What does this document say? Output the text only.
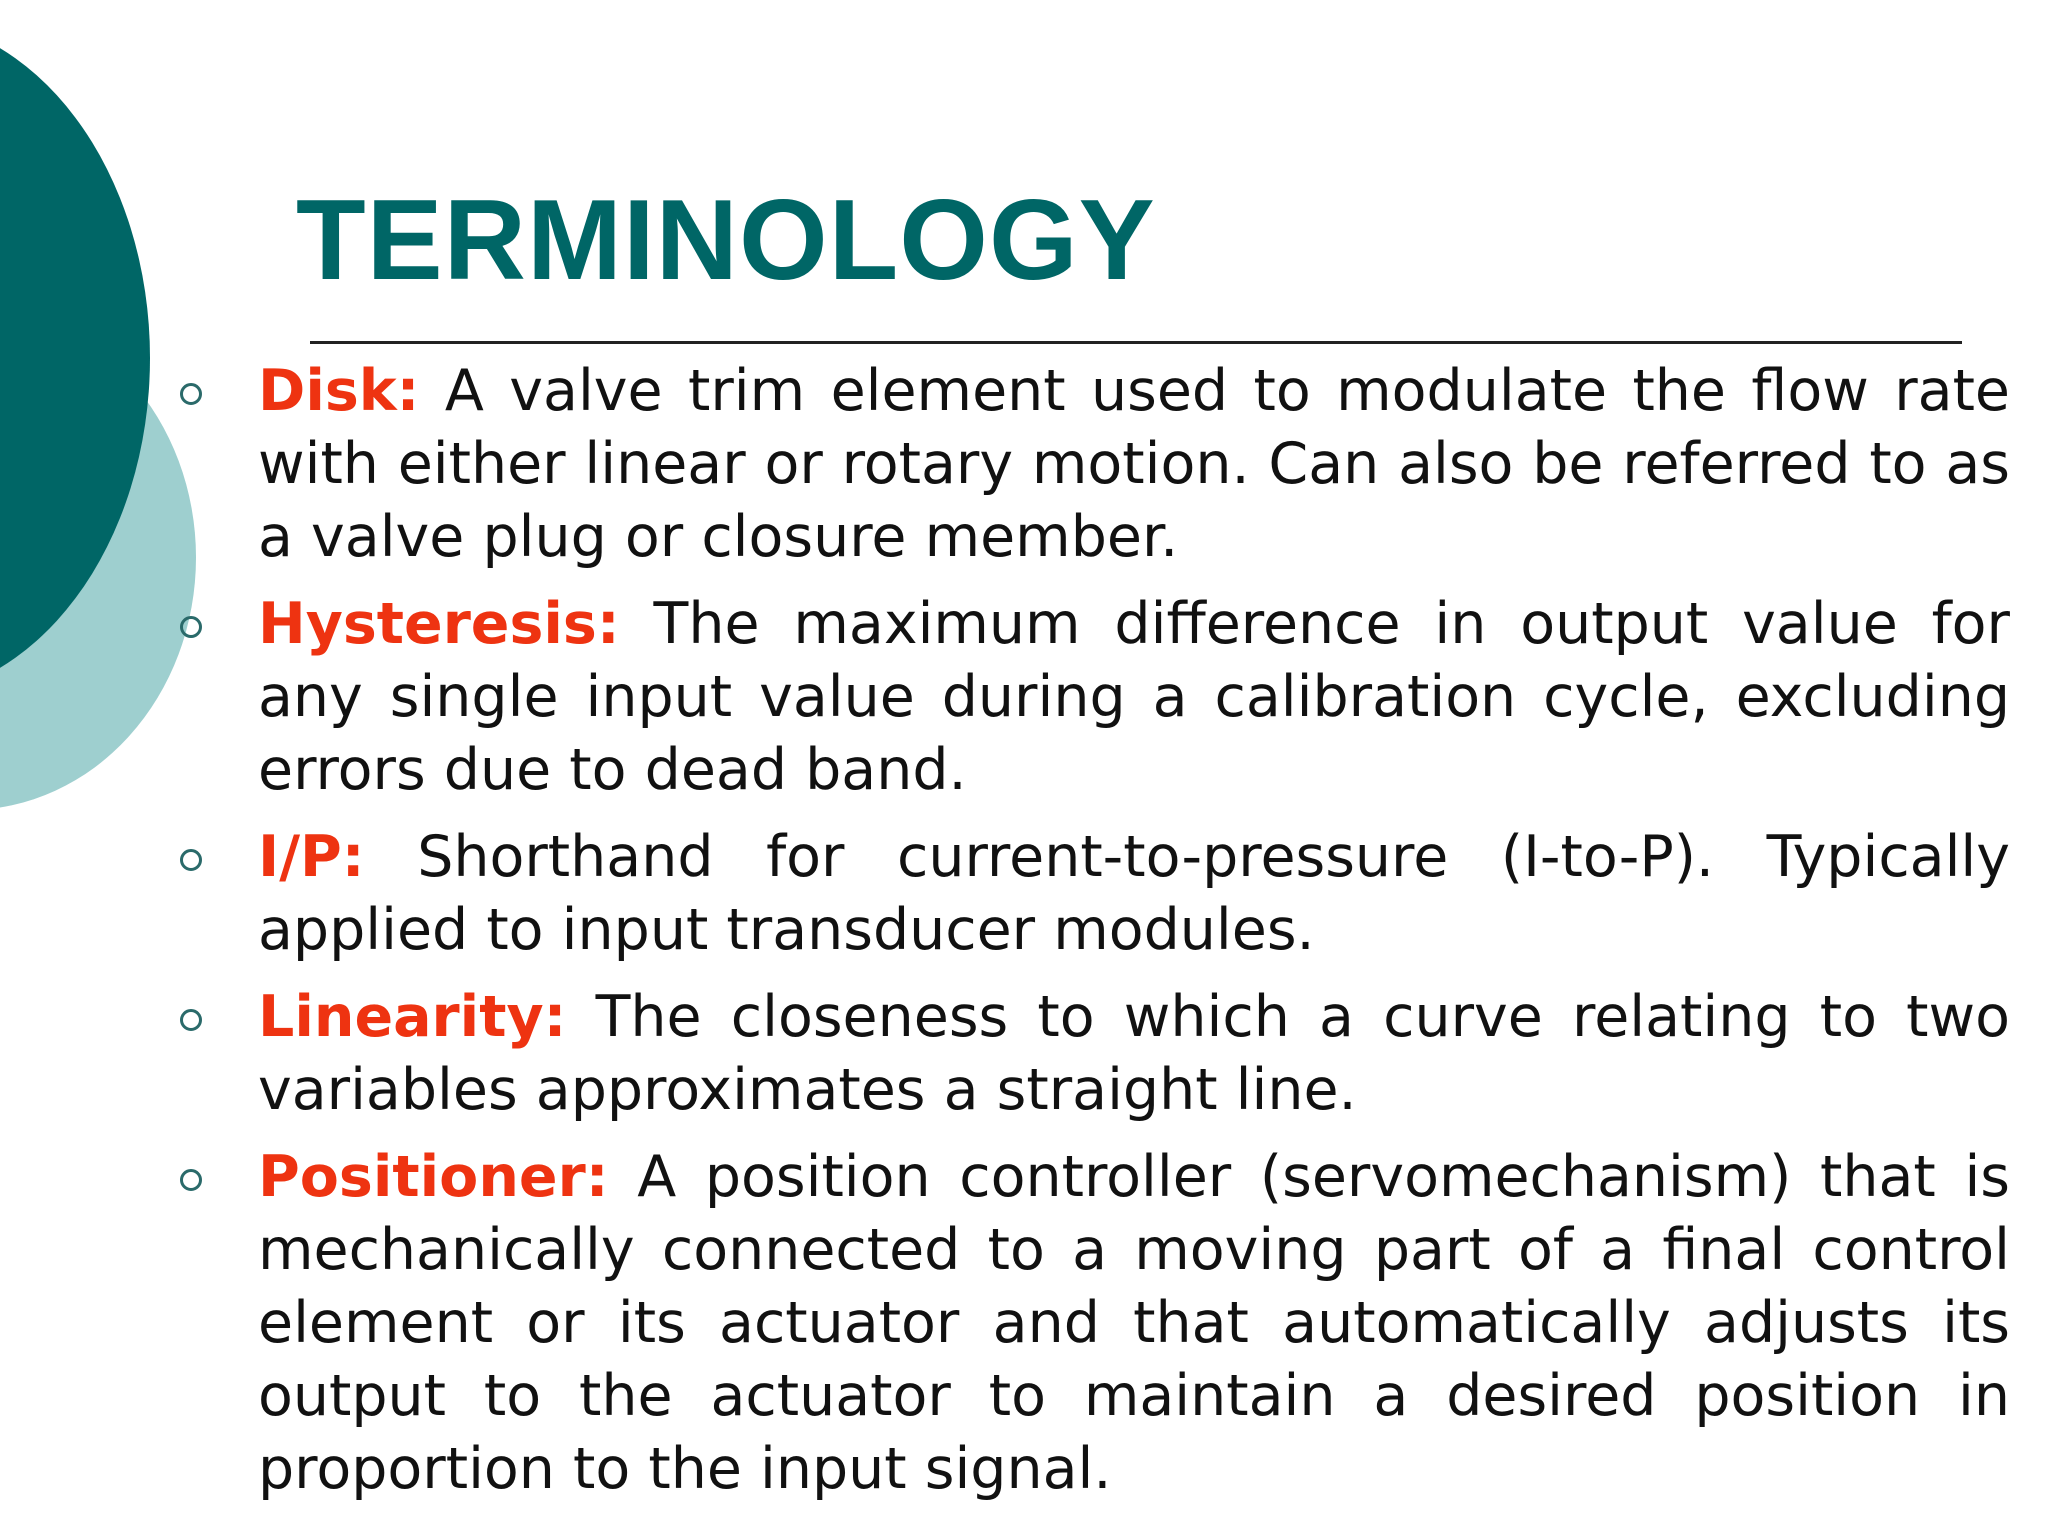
TERMINOLOGY
Disk: A valve trim element used to modulate the flow rate with either linear or rotary motion. Can also be referred to as a valve plug or closure member.
Hysteresis: The maximum difference in output value for any single input value during a calibration cycle, excluding errors due to dead band.
I/P: Shorthand for current-to-pressure (I-to-P). Typically applied to input transducer modules.
Linearity: The closeness to which a curve relating to two variables approximates a straight line.
Positioner: A position controller (servomechanism) that is mechanically connected to a moving part of a final control element or its actuator and that automatically adjusts its output to the actuator to maintain a desired position in proportion to the input signal.
